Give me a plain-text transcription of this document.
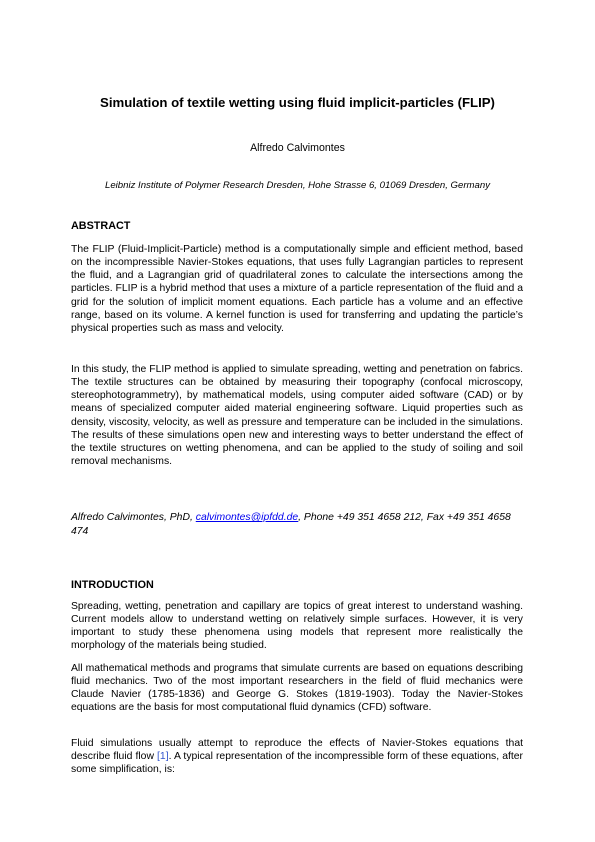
Simulation of textile wetting using fluid implicit-particles (FLIP)
Alfredo Calvimontes
Leibniz Institute of Polymer Research Dresden, Hohe Strasse 6, 01069 Dresden, Germany
ABSTRACT

The FLIP (Fluid-Implicit-Particle) method is a computationally simple and efficient method, based on the incompressible Navier-Stokes equations, that uses fully Lagrangian particles to represent the fluid, and a Lagrangian grid of quadrilateral zones to calculate the intersections among the particles. FLIP is a hybrid method that uses a mixture of a particle representation of the fluid and a grid for the solution of implicit moment equations. Each particle has a volume and an effective range, based on its volume. A kernel function is used for transferring and updating the particle’s physical properties such as mass and velocity.

In this study, the FLIP method is applied to simulate spreading, wetting and penetration on fabrics. The textile structures can be obtained by measuring their topography (confocal microscopy, stereophotogrammetry), by mathematical models, using computer aided software (CAD) or by means of specialized computer aided material engineering software. Liquid properties such as density, viscosity, velocity, as well as pressure and temperature can be included in the simulations. The results of these simulations open new and interesting ways to better understand the effect of the textile structures on wetting phenomena, and can be applied to the study of soiling and soil removal mechanisms.

Alfredo Calvimontes, PhD, calvimontes@ipfdd.de, Phone +49 351 4658 212, Fax +49 351 4658 474
INTRODUCTION

Spreading, wetting, penetration and capillary are topics of great interest to understand washing. Current models allow to understand wetting on relatively simple surfaces. However, it is very important to study these phenomena using models that represent more realistically the morphology of the materials being studied.

All mathematical methods and programs that simulate currents are based on equations describing fluid mechanics. Two of the most important researchers in the field of fluid mechanics were Claude Navier (1785-1836) and George G. Stokes (1819-1903). Today the Navier-Stokes equations are the basis for most computational fluid dynamics (CFD) software.

Fluid simulations usually attempt to reproduce the effects of Navier-Stokes equations that describe fluid flow [1]. A typical representation of the incompressible form of these equations, after some simplification, is:
